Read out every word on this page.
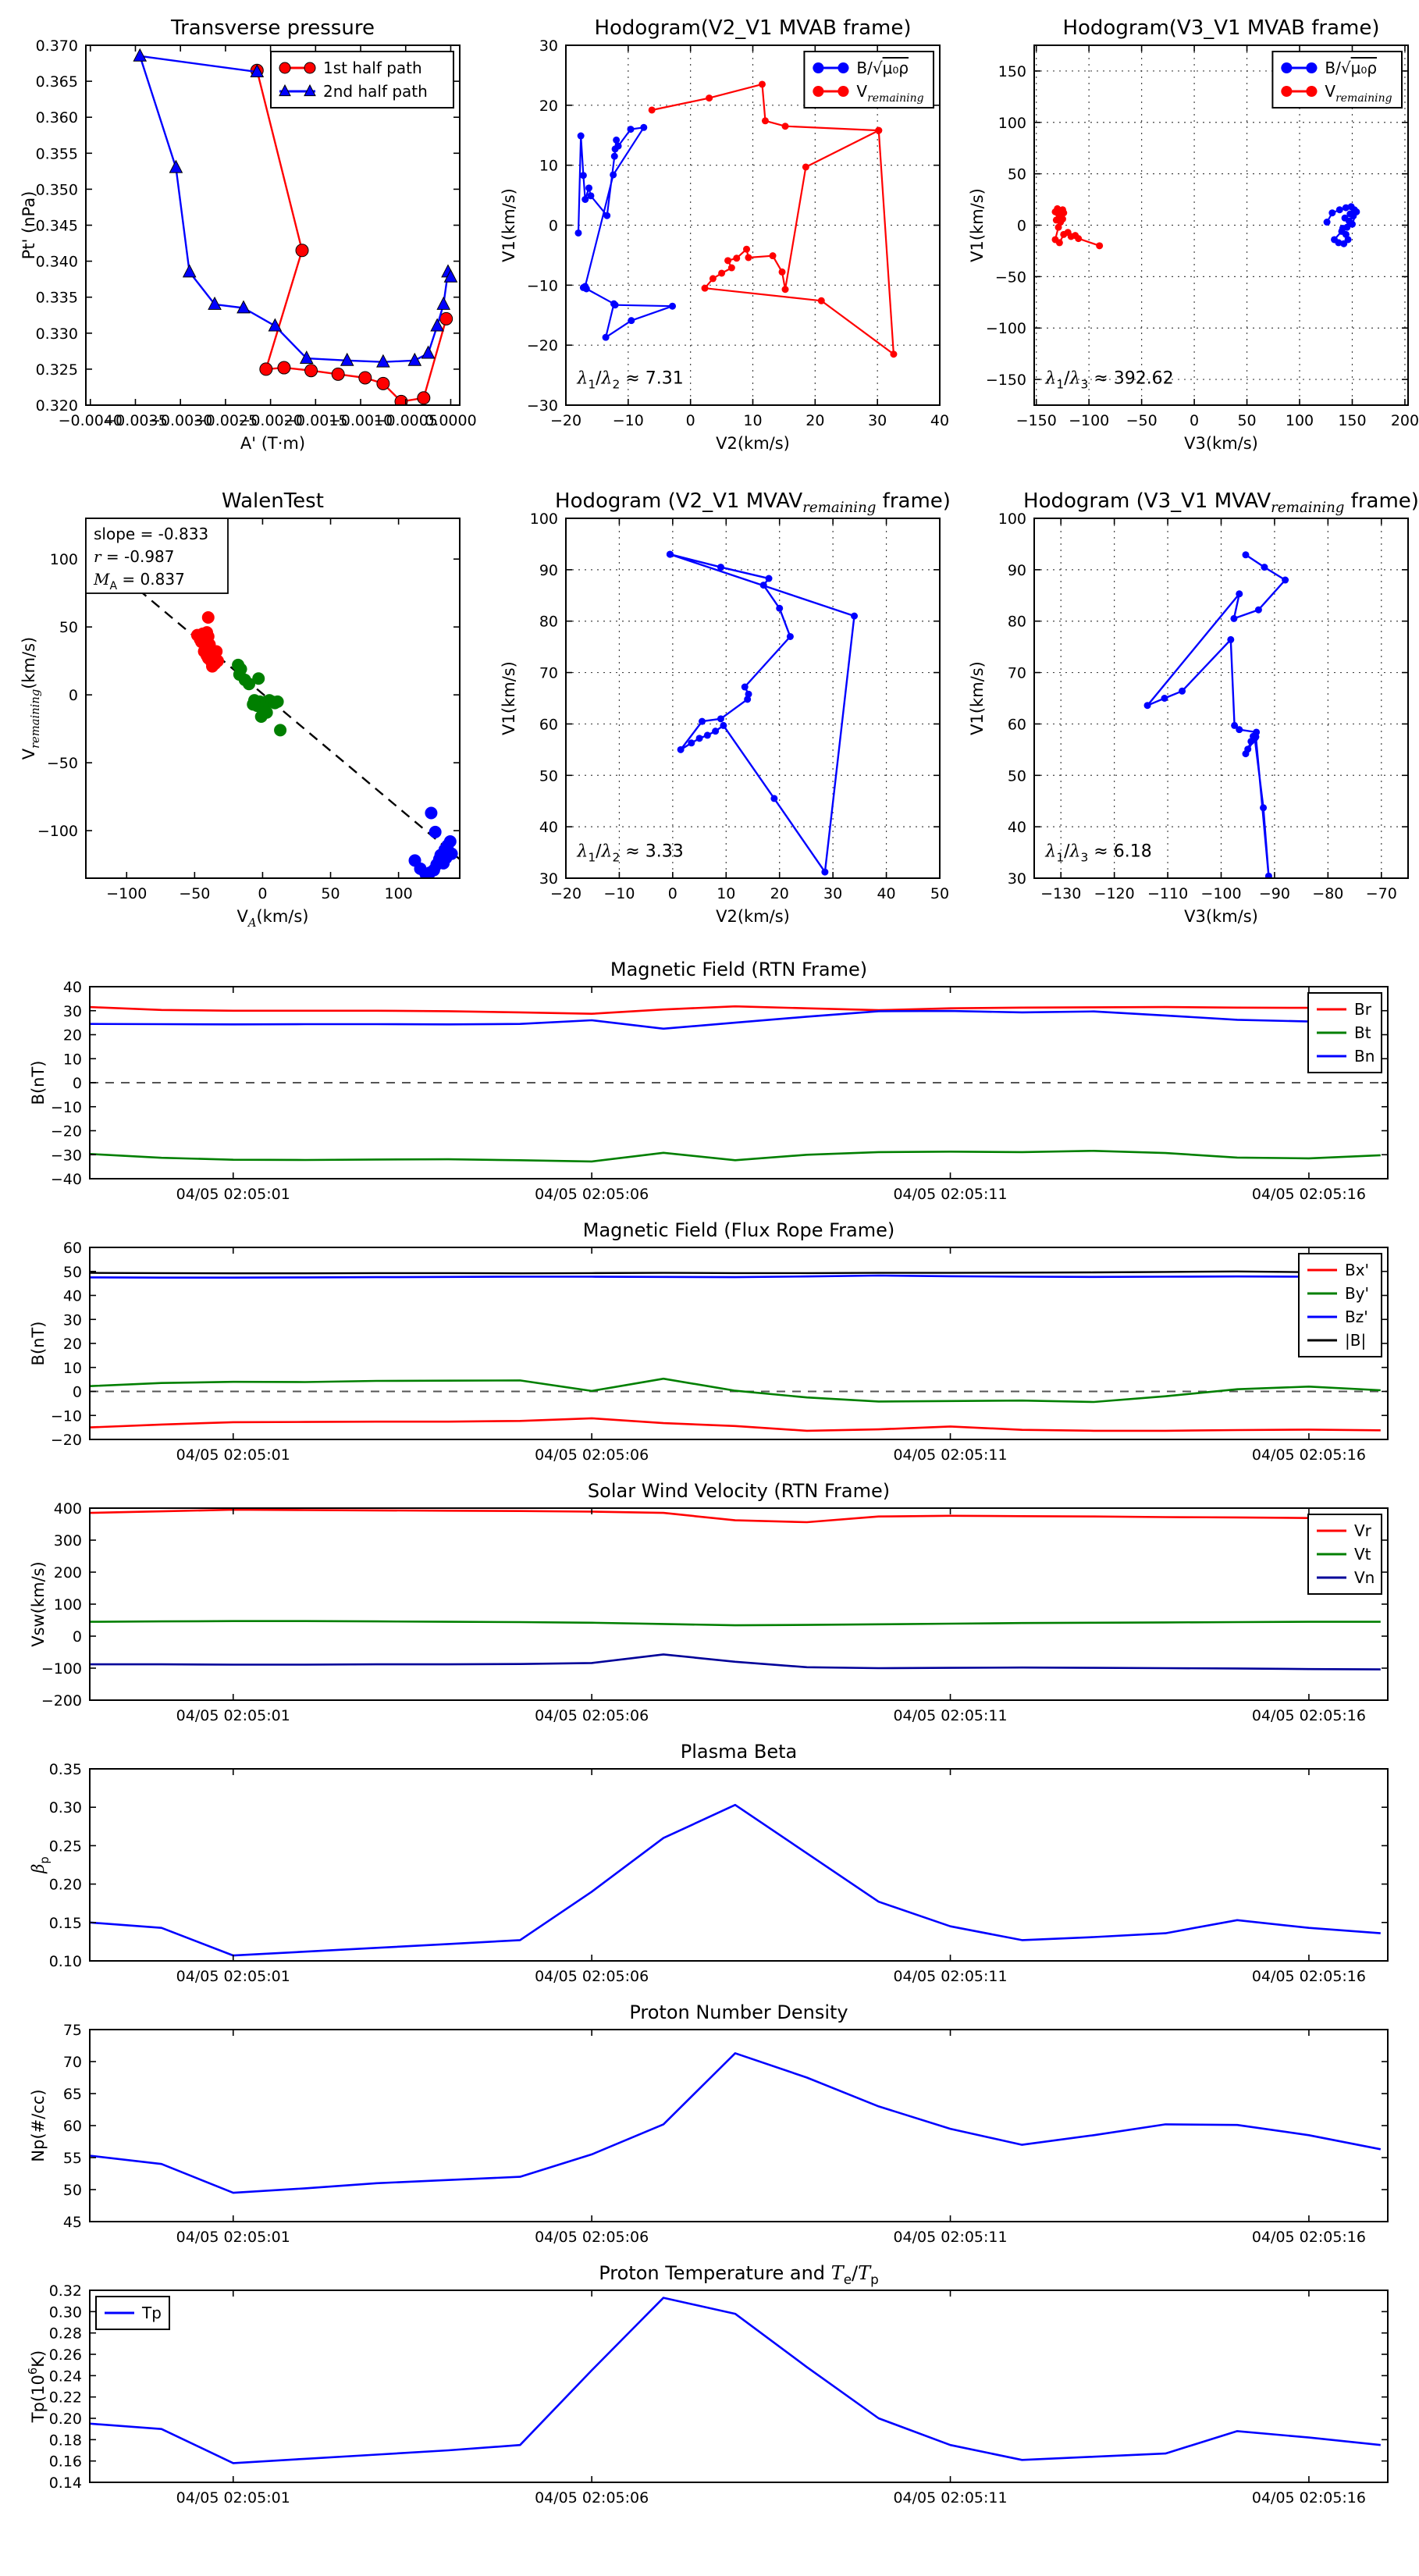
−0.0040
−0.0035
−0.0030
−0.0025
−0.0020
−0.0015
−0.0010
−0.0005
0.0000
0.320
0.325
0.330
0.335
0.340
0.345
0.350
0.355
0.360
0.365
0.370
Transverse pressure
A' (T·m)
Pt' (nPa)
1st half path
2nd half path
−20 −10	0	10	20	30	40
−30
−20
−10
0
10
20
30
Hodogram(V2_V1 MVAB frame)
V2(km/s)
V1(km/s)
$\lambda_1/\lambda_2 \approx 7.31$
B/√μ₀ρ
$V_{remaining}$
−150 −100 −50 0	50 100 150 200
−150
−100
−50
0
50
100
150
Hodogram(V3_V1 MVAB frame)
V3(km/s)
V1(km/s)
$\lambda_1/\lambda_3 \approx 392.62$
B/√μ₀ρ
$V_{remaining}$
−100 −50	0	50	100
−100
−50
0
50
100
WalenTest
$V_A(km/s)$
$V_{remaining}(km/s)$
slope = -0.833
r = -0.987
$M_A = 0.837$
−20 −10 0	10 20 30 40 50
30
40
50
60
70
80
90
100
Hodogram (V2_V1 $MVAV_{remaining}$ frame)
V2(km/s)
V1(km/s)
$\lambda_1/\lambda_2 \approx 3.33$
−130 −120 −110 −100 −90 −80 −70
30
40
50
60
70
80
90
100
Hodogram (V3_V1 $MVAV_{remaining}$ frame)
V3(km/s)
V1(km/s)
$\lambda_1/\lambda_3 \approx 6.18$
04/05 02:05:01	04/05 02:05:06	04/05 02:05:11	04/05 02:05:16
−40
−30
−20
−10
0
10
20
30
40
Magnetic Field (RTN Frame)
B(nT)
Br
Bt
Bn
04/05 02:05:01	04/05 02:05:06	04/05 02:05:11	04/05 02:05:16
−20
−10
0
10
20
30
40
50
60
Magnetic Field (Flux Rope Frame)
B(nT)
Bx'
By'
Bz'
|B|
04/05 02:05:01	04/05 02:05:06	04/05 02:05:11	04/05 02:05:16
−200
−100
0
100
200
300
400
Solar Wind Velocity (RTN Frame)
Vsw(km/s)
Vr
Vt
Vn
04/05 02:05:01	04/05 02:05:06	04/05 02:05:11	04/05 02:05:16
0.10
0.15
0.20
0.25
0.30
0.35
Plasma Beta
$\beta_p$
04/05 02:05:01	04/05 02:05:06	04/05 02:05:11	04/05 02:05:16
45
50
55
60
65
70
75
Proton Number Density
Np(#/cc)
04/05 02:05:01	04/05 02:05:06	04/05 02:05:11	04/05 02:05:16
0.14
0.16
0.18
0.20
0.22
0.24
0.26
0.28
0.30
0.32
Proton Temperature and $T_e/T_p$
$Tp(10^6K)$
Tp
